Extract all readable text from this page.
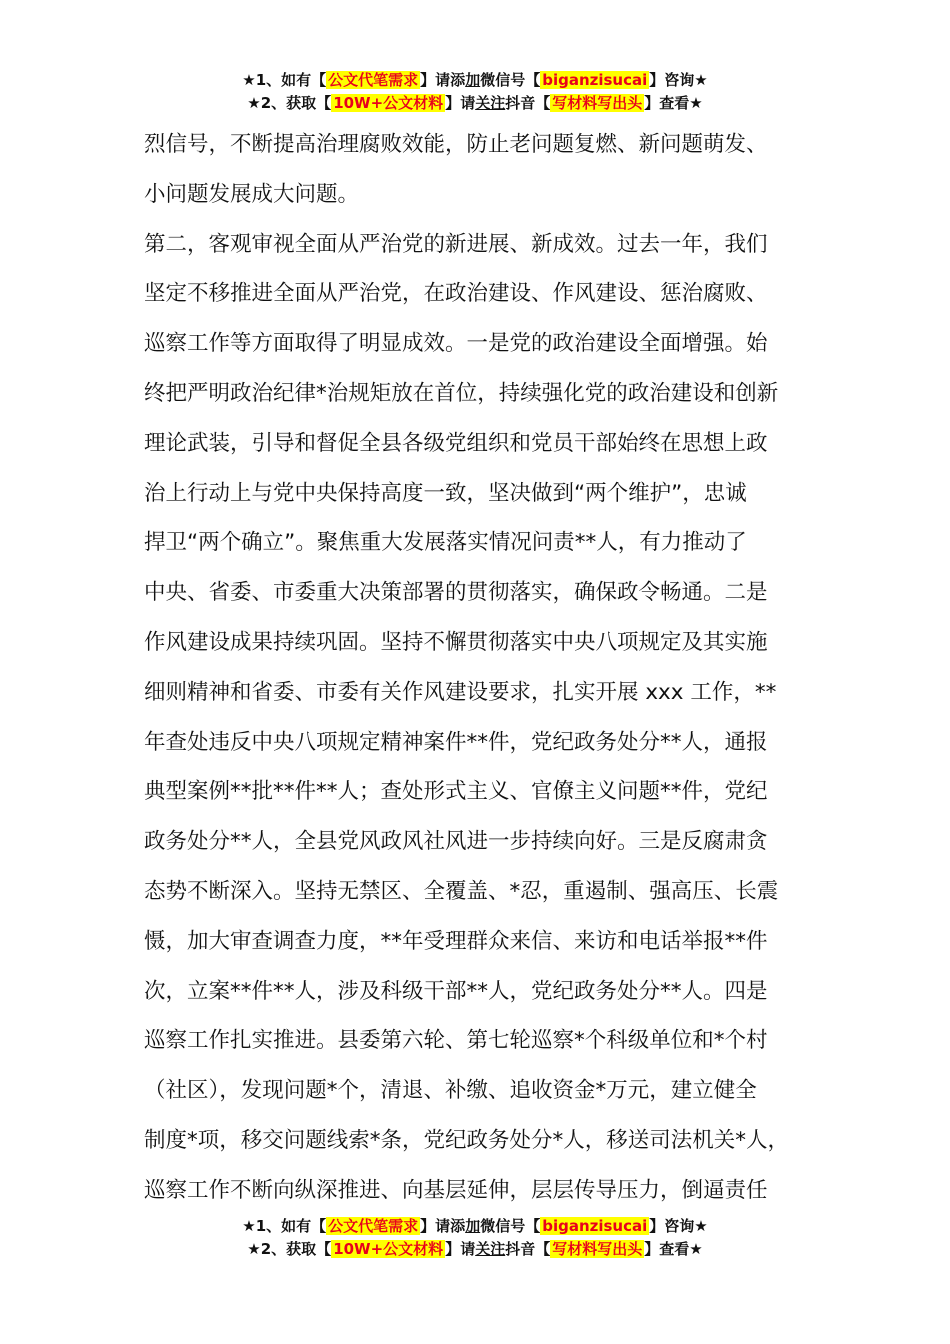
★1、如有【 公文代笔需求 】请添加微信号【 biganzisucai 】咨询★
★2、获取【 10W+公文材料 】请关注抖音【 写材料写出头 】查看★
烈信号，不断提高治理腐败效能，防止老问题复燃、新问题萌发、
小问题发展成大问题。
第二，客观审视全面从严治党的新进展、新成效。过去一年，我们
坚定不移推进全面从严治党，在政治建设、作风建设、惩治腐败、
巡察工作等方面取得了明显成效。一是党的政治建设全面增强。始
终把严明政治纪律*治规矩放在首位，持续强化党的政治建设和创新
理论武装，引导和督促全县各级党组织和党员干部始终在思想上政
治上行动上与党中央保持高度一致，坚决做到“两个维护”，忠诚
捍卫“两个确立”。聚焦重大发展落实情况问责**人，有力推动了
中央、省委、市委重大决策部署的贯彻落实，确保政令畅通。二是
作风建设成果持续巩固。坚持不懈贯彻落实中央八项规定及其实施
细则精神和省委、市委有关作风建设要求，扎实开展 xxx 工作，**
年查处违反中央八项规定精神案件**件，党纪政务处分**人，通报
典型案例**批**件**人；查处形式主义、官僚主义问题**件，党纪
政务处分**人，全县党风政风社风进一步持续向好。三是反腐肃贪
态势不断深入。坚持无禁区、全覆盖、*忍，重遏制、强高压、长震
慑，加大审查调查力度，**年受理群众来信、来访和电话举报**件
次，立案**件**人，涉及科级干部**人，党纪政务处分**人。四是
巡察工作扎实推进。县委第六轮、第七轮巡察*个科级单位和*个村
（社区），发现问题*个，清退、补缴、追收资金*万元，建立健全
制度*项，移交问题线索*条，党纪政务处分*人，移送司法机关*人，
巡察工作不断向纵深推进、向基层延伸，层层传导压力，倒逼责任
★1、如有【 公文代笔需求 】请添加微信号【 biganzisucai 】咨询★
★2、获取【 10W+公文材料 】请关注抖音【 写材料写出头 】查看★
